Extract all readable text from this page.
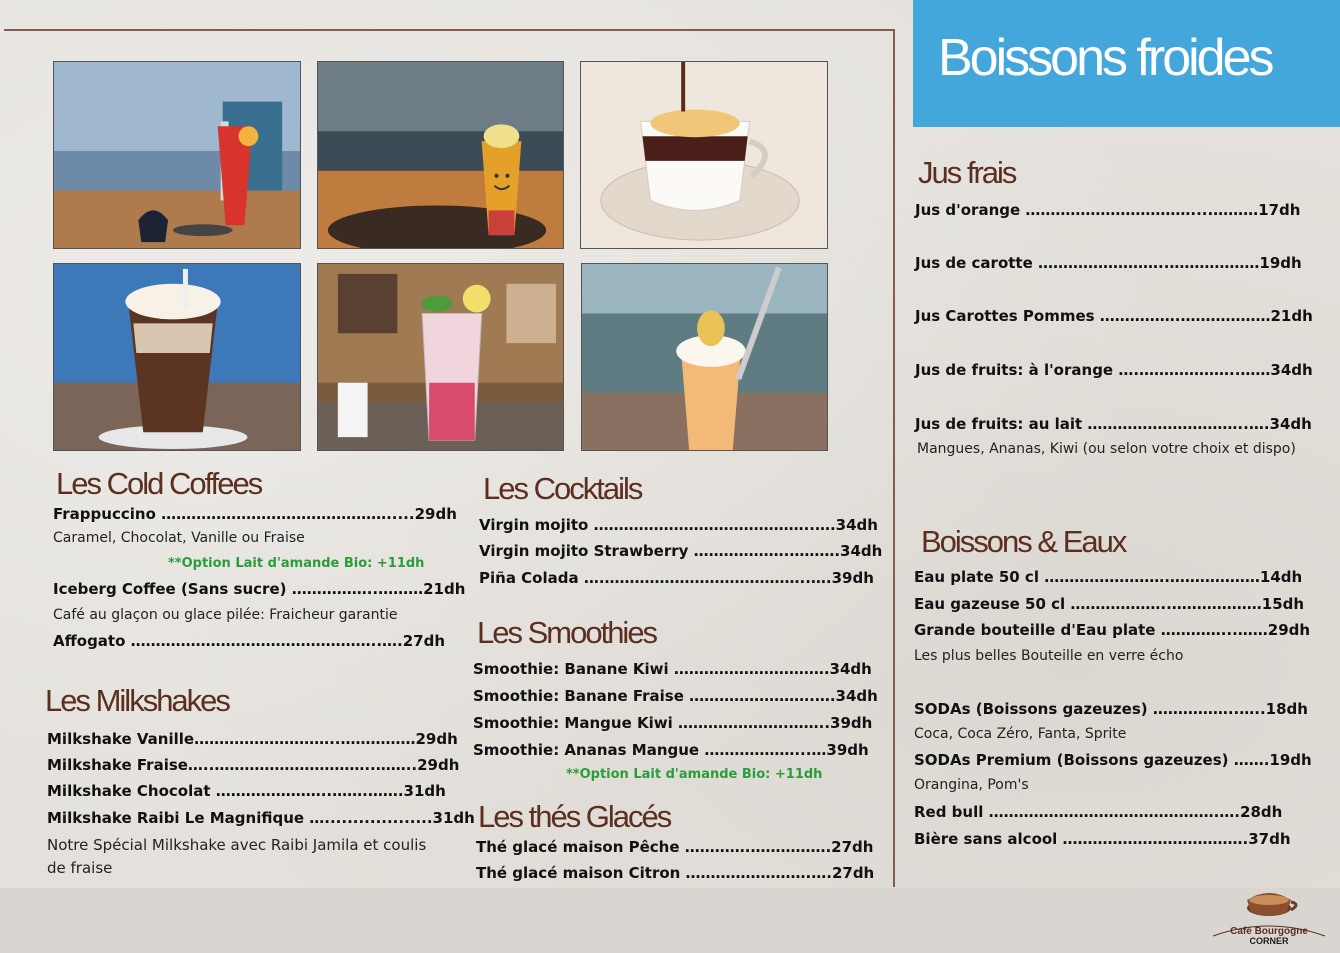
Boissons froides
Les Cold Coffees
Frappuccino ……………………………………….....29dh
Caramel, Chocolat, Vanille ou Fraise
**Option Lait d'amande Bio: +11dh
Iceberg Coffee (Sans sucre) ……………..………21dh
Café au glaçon ou glace pilée: Fraicheur garantie
Affogato …………………………………………..….27dh
Les Milkshakes
Milkshake Vanille………………………..……………29dh
Milkshake Fraise…..…………………………..……..29dh
Milkshake Chocolat …………………..…….…….31dh
Milkshake Raibi Le Magnifique …...................31dh
Notre Spécial Milkshake avec Raibi Jamila et coulis
de fraise
Les Cocktails
Virgin mojito ……………………………………..….34dh
Virgin mojito Strawberry ……………….……….34dh
Piña Colada ….…………………………………..….39dh
Les Smoothies
Smoothie: Banane Kiwi ………………………….34dh
Smoothie: Banane Fraise …………………….….34dh
Smoothie: Mangue Kiwi ………………….……..39dh
Smoothie: Ananas Mangue ………………...…39dh
**Option Lait d'amande Bio: +11dh
Les thés Glacés
Thé glacé maison Pêche ………….…………….27dh
Thé glacé maison Citron …………………….….27dh
Jus frais
Jus d'orange ……………………………....………17dh
Jus de carotte ……………………..………………19dh
Jus Carottes Pommes …………….………………21dh
Jus de fruits: à l'orange ….………………..……34dh
Jus de fruits: au lait …………………………..….34dh
Mangues, Ananas, Kiwi (ou selon votre choix et dispo)
Boissons & Eaux
Eau plate 50 cl …………………….………………14dh
Eau gazeuse 50 cl ………………..………………15dh
Grande bouteille d'Eau plate …………...……29dh
Les plus belles Bouteille en verre écho
SODAs (Boissons gazeuzes) ……………..…..18dh
Coca, Coca Zéro, Fanta, Sprite
SODAs Premium (Boissons gazeuzes) …….19dh
Orangina, Pom's
Red bull ……………………………………….….28dh
Bière sans alcool ……………………………….37dh
Café Bourgogne
CORNER
